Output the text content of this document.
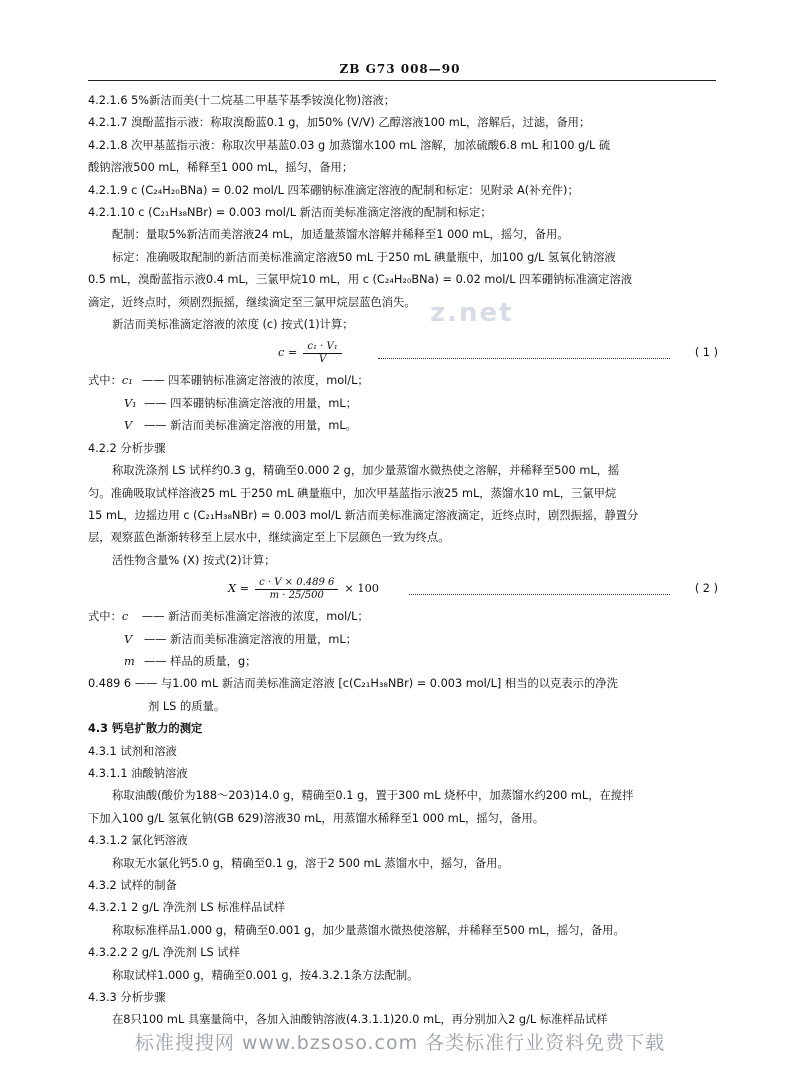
ZB G73 008—90
z.net
4.2.1.6 5%新洁而美(十二烷基二甲基苄基季铵溴化物)溶液；
4.2.1.7 溴酚蓝指示液：称取溴酚蓝0.1 g，加50% (V/V) 乙醇溶液100 mL，溶解后，过滤，备用；
4.2.1.8 次甲基蓝指示液：称取次甲基蓝0.03 g 加蒸馏水100 mL 溶解，加浓硫酸6.8 mL 和100 g/L 硫
酸钠溶液500 mL，稀释至1 000 mL，摇匀，备用；
4.2.1.9 c (C₂₄H₂₀BNa) = 0.02 mol/L 四苯硼钠标准滴定溶液的配制和标定：见附录 A(补充件)；
4.2.1.10 c (C₂₁H₃₈NBr) = 0.003 mol/L 新洁而美标准滴定溶液的配制和标定；
配制：量取5%新洁而美溶液24 mL，加适量蒸馏水溶解并稀释至1 000 mL，摇匀，备用。
标定：准确吸取配制的新洁而美标准滴定溶液50 mL 于250 mL 碘量瓶中，加100 g/L 氢氧化钠溶液
0.5 mL，溴酚蓝指示液0.4 mL，三氯甲烷10 mL，用 c (C₂₄H₂₀BNa) = 0.02 mol/L 四苯硼钠标准滴定溶液
滴定，近终点时，须剧烈振摇，继续滴定至三氯甲烷层蓝色消失。
新洁而美标准滴定溶液的浓度 (c) 按式(1)计算；
$c = \frac{\text{c₁ · V₁}}{V}$	( 1 )
式中：c₁ —— 四苯硼钠标准滴定溶液的浓度，mol/L；
V₁ —— 四苯硼钠标准滴定溶液的用量，mL；
V —— 新洁而美标准滴定溶液的用量，mL。
4.2.2 分析步骤
称取洗涤剂 LS 试样约0.3 g，精确至0.000 2 g，加少量蒸馏水微热使之溶解，并稀释至500 mL，摇
匀。准确吸取试样溶液25 mL 于250 mL 碘量瓶中，加次甲基蓝指示液25 mL，蒸馏水10 mL，三氯甲烷
15 mL，边摇边用 c (C₂₁H₃₈NBr) = 0.003 mol/L 新洁而美标准滴定溶液滴定，近终点时，剧烈振摇，静置分
层，观察蓝色渐渐转移至上层水中，继续滴定至上下层颜色一致为终点。
活性物含量% (X) 按式(2)计算；
$X = \frac{c \cdot V \times 0.489 6}{m \cdot 25/500} \times 100$	( 2 )
式中：c —— 新洁而美标准滴定溶液的浓度，mol/L；
V —— 新洁而美标准滴定溶液的用量，mL；
m —— 样品的质量，g；
0.489 6 —— 与1.00 mL 新洁而美标准滴定溶液 [c(C₂₁H₃₈NBr) = 0.003 mol/L] 相当的以克表示的净洗
剂 LS 的质量。
4.3 钙皂扩散力的测定
4.3.1 试剂和溶液
4.3.1.1 油酸钠溶液
称取油酸(酸价为188～203)14.0 g，精确至0.1 g，置于300 mL 烧杯中，加蒸馏水约200 mL，在搅拌
下加入100 g/L 氢氧化钠(GB 629)溶液30 mL，用蒸馏水稀释至1 000 mL，摇匀，备用。
4.3.1.2 氯化钙溶液
称取无水氯化钙5.0 g，精确至0.1 g，溶于2 500 mL 蒸馏水中，摇匀，备用。
4.3.2 试样的制备
4.3.2.1 2 g/L 净洗剂 LS 标准样品试样
称取标准样品1.000 g，精确至0.001 g，加少量蒸馏水微热使溶解，并稀释至500 mL，摇匀，备用。
4.3.2.2 2 g/L 净洗剂 LS 试样
称取试样1.000 g，精确至0.001 g，按4.3.2.1条方法配制。
4.3.3 分析步骤
在8只100 mL 具塞量筒中，各加入油酸钠溶液(4.3.1.1)20.0 mL，再分别加入2 g/L 标准样品试样
标准搜搜网 www.bzsoso.com 各类标准行业资料免费下载
